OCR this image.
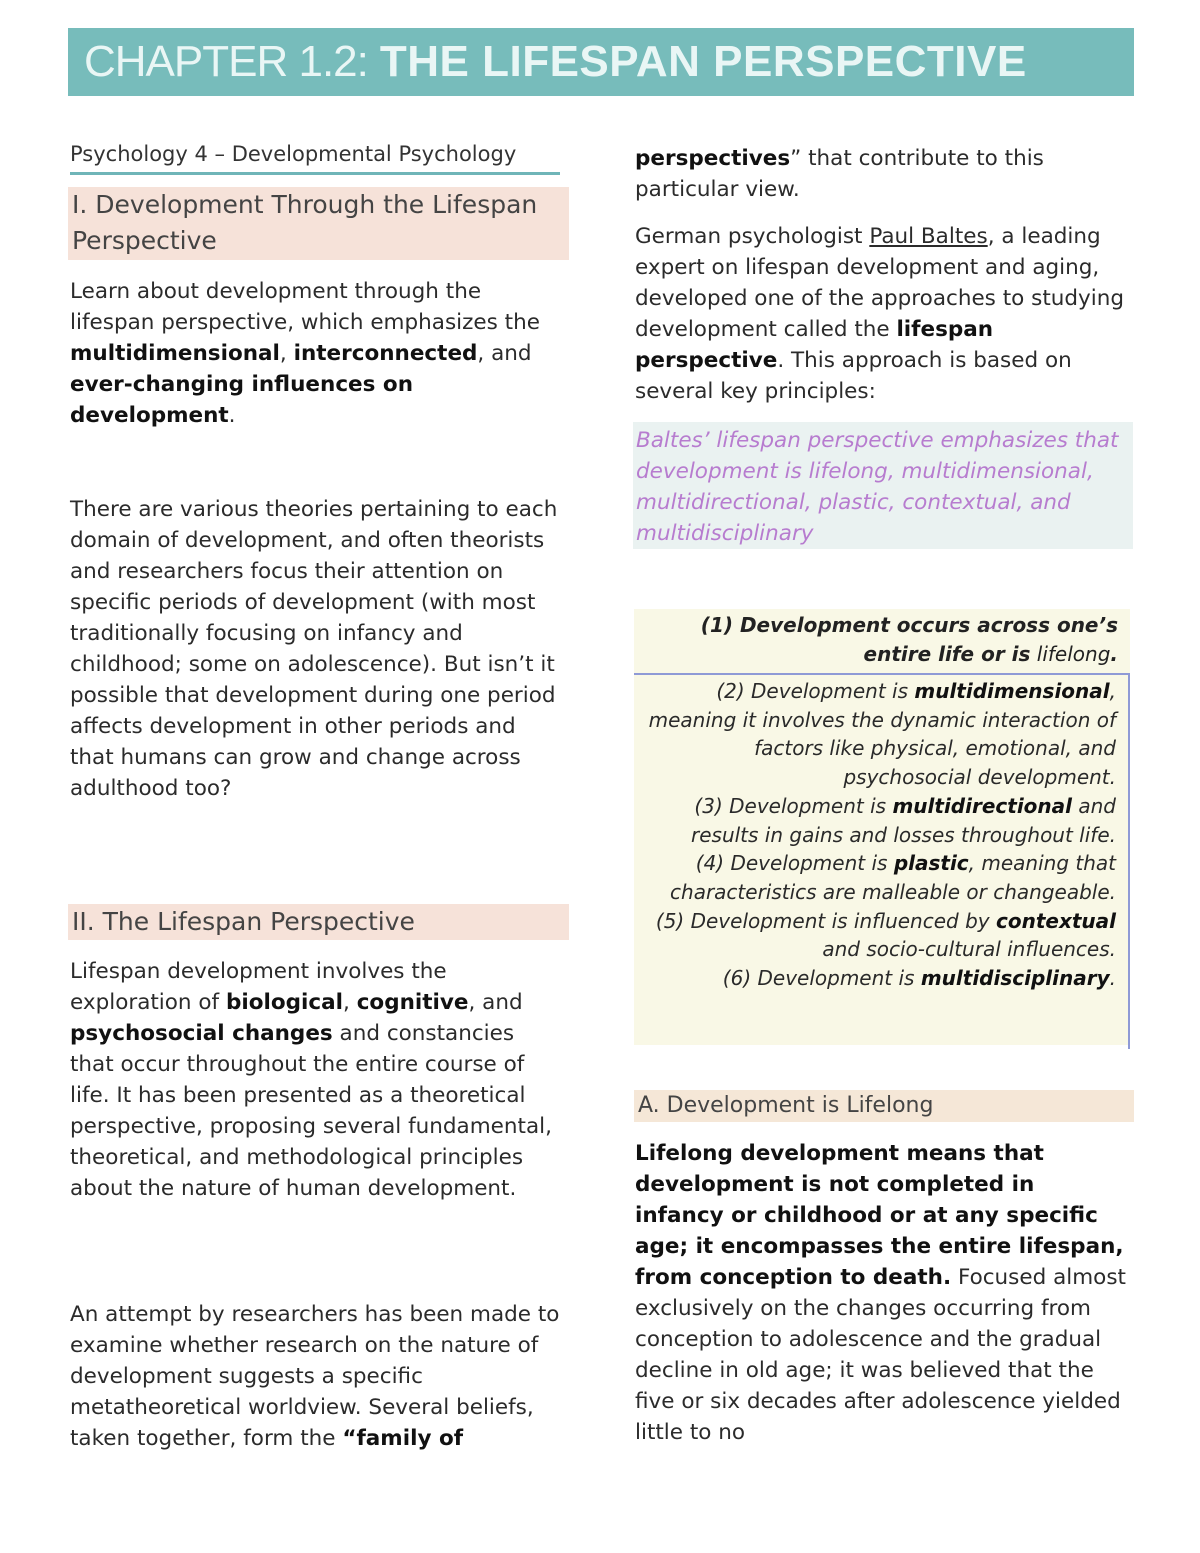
CHAPTER 1.2: THE LIFESPAN PERSPECTIVE
Psychology 4 – Developmental Psychology
I. Development Through the Lifespan Perspective

Learn about development through the lifespan perspective, which emphasizes the multidimensional, interconnected, and ever-changing influences on development.

There are various theories pertaining to each domain of development, and often theorists and researchers focus their attention on specific periods of development (with most traditionally focusing on infancy and childhood; some on adolescence). But isn’t it possible that development during one period affects development in other periods and that humans can grow and change across adulthood too?

II. The Lifespan Perspective

Lifespan development involves the exploration of biological, cognitive, and psychosocial changes and constancies that occur throughout the entire course of life. It has been presented as a theoretical perspective, proposing several fundamental, theoretical, and methodological principles about the nature of human development.

An attempt by researchers has been made to examine whether research on the nature of development suggests a specific metatheoretical worldview. Several beliefs, taken together, form the “family of

perspectives” that contribute to this particular view.

German psychologist Paul Baltes, a leading expert on lifespan development and aging, developed one of the approaches to studying development called the lifespan perspective. This approach is based on several key principles:

Baltes’ lifespan perspective emphasizes that development is lifelong, multidimensional, multidirectional, plastic, contextual, and multidisciplinary
(1) Development occurs across one’s entire life or is lifelong.
(2) Development is multidimensional, meaning it involves the dynamic interaction of factors like physical, emotional, and psychosocial development.
(3) Development is multidirectional and results in gains and losses throughout life.
(4) Development is plastic, meaning that characteristics are malleable or changeable.
(5) Development is influenced by contextual and socio-cultural influences.
(6) Development is multidisciplinary.
A. Development is Lifelong

Lifelong development means that development is not completed in infancy or childhood or at any specific age; it encompasses the entire lifespan, from conception to death. Focused almost exclusively on the changes occurring from conception to adolescence and the gradual decline in old age; it was believed that the five or six decades after adolescence yielded little to no
